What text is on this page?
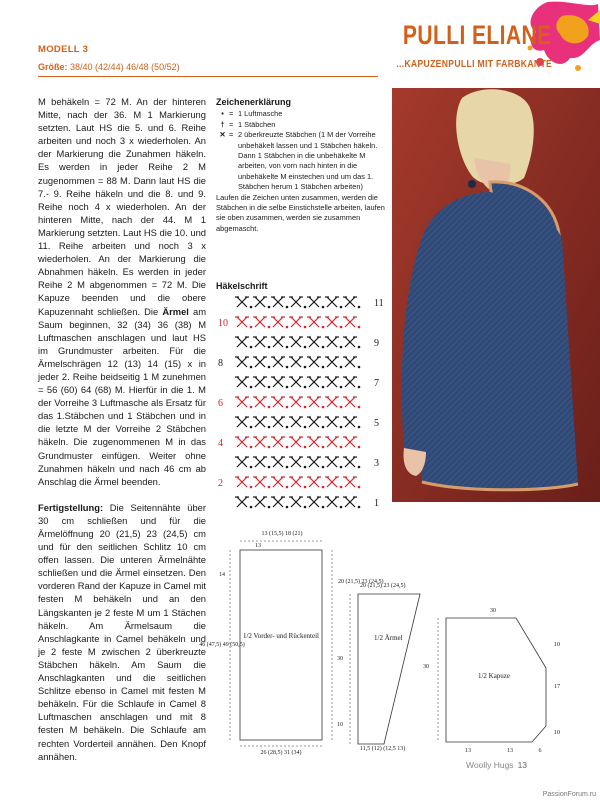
MODELL 3
Größe: 38/40 (42/44) 46/48 (50/52)
PULLI ELIANE
...KAPUZENPULLI MIT FARBKANTE

M behäkeln = 72 M. An der hinteren Mitte, nach der 36. M 1 Markierung setzten. Laut HS die 5. und 6. Reihe arbeiten und noch 3 x wiederholen. An der Markierung die Zunahmen häkeln. Es werden in jeder Reihe 2 M zugenommen = 88 M. Dann laut HS die 7.- 9. Reihe häkeln und die 8. und 9. Reihe noch 4 x wiederholen. An der hinteren Mitte, nach der 44. M 1 Markierung setzten. Laut HS die 10. und 11. Reihe arbeiten und noch 3 x wiederholen. An der Markierung die Abnahmen häkeln. Es werden in jeder Reihe 2 M abgenommen = 72 M. Die Kapuze beenden und die obere Kapuzennaht schließen. Die Ärmel am Saum beginnen, 32 (34) 36 (38) M Luftmaschen anschlagen und laut HS im Grundmuster arbeiten. Für die Ärmelschrägen 12 (13) 14 (15) x in jeder 2. Reihe beidseitig 1 M zunehmen = 56 (60) 64 (68) M. Hierfür in die 1. M der Vorreihe 3 Luftmasche als Ersatz für das 1.Stäbchen und 1 Stäbchen und in die letzte M der Vorreihe 2 Stäbchen häkeln. Die zugenommenen M in das Grundmuster einfügen. Weiter ohne Zunahmen häkeln und nach 46 cm ab Anschlag die Ärmel beenden.

Fertigstellung: Die Seitennähte über 30 cm schließen und für die Ärmelöffnung 20 (21,5) 23 (24,5) cm und für den seitlichen Schlitz 10 cm offen lassen. Die unteren Ärmelnähte schließen und die Ärmel einsetzen. Den vorderen Rand der Kapuze in Camel mit festen M behäkeln und an den Längskanten je 2 feste M um 1 Stächen häkeln. Am Ärmelsaum die Anschlagkante in Camel behäkeln und je 2 feste M zwischen 2 überkreuzte Stäbchen häkeln. Am Saum die Anschlagkanten und die seitlichen Schlitze ebenso in Camel mit festen M behäkeln. Für die Schlaufe in Camel 8 Luftmaschen anschlagen und mit 8 festen M behäkeln. Die Schlaufe am rechten Vorderteil annähen. Den Knopf annähen.

Zeichenerklärung
• = 1 Luftmasche
† = 1 Stäbchen
✕ = 2 überkreuzte Stäbchen (1 M der Vorreihe unbehäkelt lassen und 1 Stäbchen häkeln. Dann 1 Stäbchen in die unbehäkelte M arbeiten, von vorn nach hinten in die unbehäkelte M einstechen und um das 1. Stäbchen herum 1 Stäbchen arbeiten)
Laufen die Zeichen unten zusammen, werden die Stäbchen in die selbe Einstichstelle arbeiten, laufen sie oben zusammen, werden sie zusammen abgemascht.
Häkelschrift
11
10
9
8
7
6
5
4
3
2
1
13 (15,5) 18 (21)
13
14
46 (47,5) 49 (50,5)
20 (21,5) 23 (24,5)
30
10
26 (28,5) 31 (34)
1/2 Vorder- und Rückenteil
20 (21,5) 23 (24,5)
1/2 Ärmel
11,5 (12) (12,5 13)
30
30
10
17
10
1/2 Kapuze
13	13	6
Woolly Hugs 13
PassionForum.ru
